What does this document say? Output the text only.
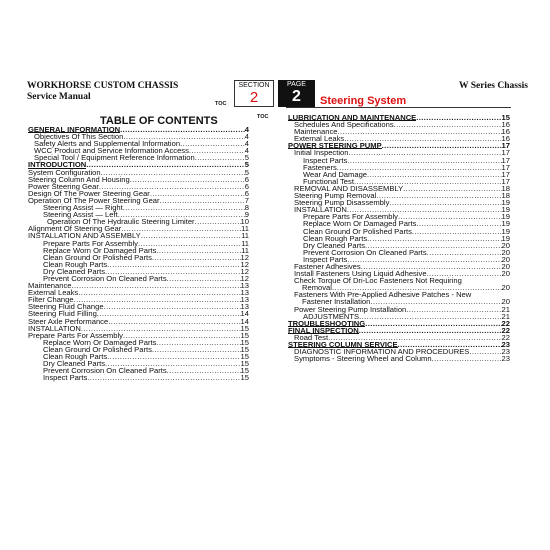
WORKHORSE CUSTOM CHASSIS
Service Manual
W Series Chassis
SECTION
2
PAGE
2	Steering System
TOC
TOC
TABLE OF CONTENTS
GENERAL INFORMATION .....	4
Objectives Of This Section .....	4
Safety Alerts and Supplemental Information .....	4
WCC Product and Service Information Access .....	4
Special Tool / Equipment Reference Information .....	5
INTRODUCTION .....	5
System Configuration .....	5
Steering Column And Housing .....	6
Power Steering Gear .....	6
Design Of The Power Steering Gear .....	6
Operation Of The Power Steering Gear .....	7
Steering Assist — Right .....	8
Steering Assist — Left .....	9
Operation Of The Hydraulic Steering Limiter .....	10
Alignment Of Steering Gear .....	11
INSTALLATION AND ASSEMBLY .....	11
Prepare Parts For Assembly .....	11
Replace Worn Or Damaged Parts .....	11
Clean Ground Or Polished Parts .....	12
Clean Rough Parts .....	12
Dry Cleaned Parts .....	12
Prevent Corrosion On Cleaned Parts .....	12
Maintenance .....	13
External Leaks .....	13
Filter Change .....	13
Steering Fluid Change .....	13
Steering Fluid Filling .....	14
Steer Axle Performance .....	14
INSTALLATION .....	15
Prepare Parts For Assembly .....	15
Replace Worn Or Damaged Parts .....	15
Clean Ground Or Polished Parts .....	15
Clean Rough Parts .....	15
Dry Cleaned Parts .....	15
Prevent Corrosion On Cleaned Parts .....	15
Inspect Parts .....	15
LUBRICATION AND MAINTENANCE .....	15
Schedules And Specifications .....	16
Maintenance .....	16
External Leaks .....	16
POWER STEERING PUMP .....	17
Initial Inspection .....	17
Inspect Parts .....	17
Fasteners .....	17
Wear And Damage .....	17
Functional Test .....	17
REMOVAL AND DISASSEMBLY .....	18
Steering Pump Removal .....	18
Steering Pump Disassembly .....	19
INSTALLATION .....	19
Prepare Parts For Assembly .....	19
Replace Worn Or Damaged Parts .....	19
Clean Ground Or Polished Parts .....	19
Clean Rough Parts .....	19
Dry Cleaned Parts .....	20
Prevent Corrosion On Cleaned Parts .....	20
Inspect Parts .....	20
Fastener Adhesives .....	20
Install Fasteners Using Liquid Adhesive .....	20
Check Torque Of Dri-Loc Fasteners Not Requiring
Removal .....	20
Fasteners With Pre-Applied Adhesive Patches - New
Fastener Installation .....	20
Power Steering Pump Installation .....	21
ADJUSTMENTS .....	21
TROUBLESHOOTING .....	22
FINAL INSPECTION .....	22
Road Test .....	22
STEERING COLUMN SERVICE .....	23
DIAGNOSTIC INFORMATION AND PROCEDURES .....	23
Symptoms - Steering Wheel and Column .....	23
